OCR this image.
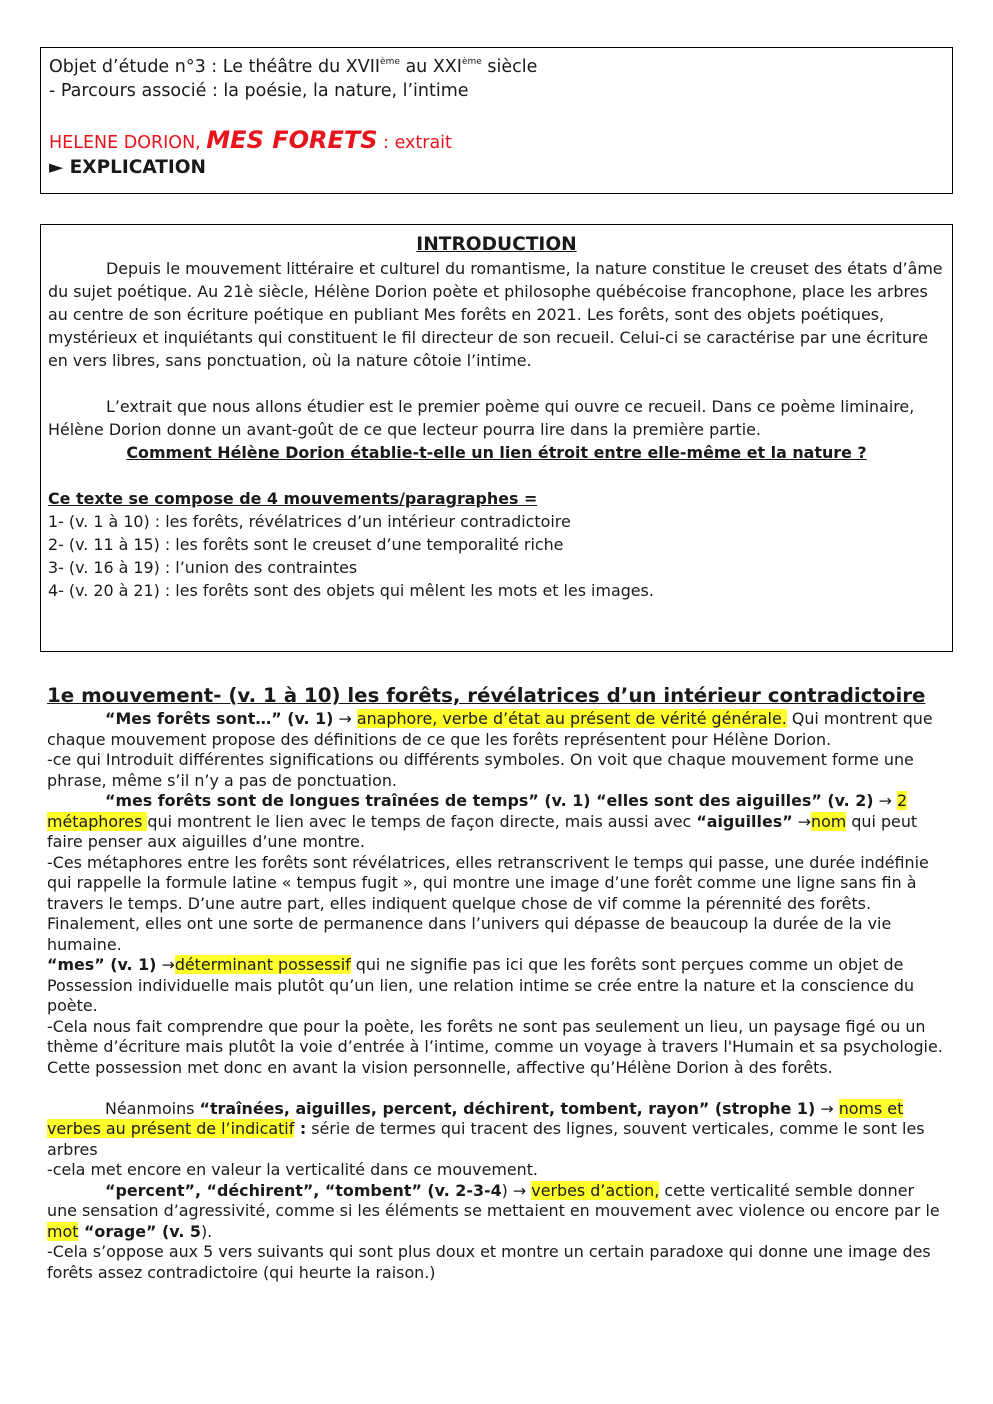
Objet d’étude n°3 : Le théâtre du XVIIème au XXIème siècle

- Parcours associé : la poésie, la nature, l’intime

HELENE DORION, MES FORETS : extrait

► EXPLICATION

INTRODUCTION

Depuis le mouvement littéraire et culturel du romantisme, la nature constitue le creuset des états d’âme du sujet poétique. Au 21è siècle, Hélène Dorion poète et philosophe québécoise francophone, place les arbres au centre de son écriture poétique en publiant Mes forêts en 2021. Les forêts, sont des objets poétiques, mystérieux et inquiétants qui constituent le fil directeur de son recueil. Celui-ci se caractérise par une écriture en vers libres, sans ponctuation, où la nature côtoie l’intime.

L’extrait que nous allons étudier est le premier poème qui ouvre ce recueil. Dans ce poème liminaire, Hélène Dorion donne un avant-goût de ce que lecteur pourra lire dans la première partie.

Comment Hélène Dorion établie-t-elle un lien étroit entre elle-même et la nature ?

Ce texte se compose de 4 mouvements/paragraphes =

1- (v. 1 à 10) : les forêts, révélatrices d’un intérieur contradictoire

2- (v. 11 à 15) : les forêts sont le creuset d’une temporalité riche

3- (v. 16 à 19) : l’union des contraintes

4- (v. 20 à 21) : les forêts sont des objets qui mêlent les mots et les images.

1e mouvement- (v. 1 à 10) les forêts, révélatrices d’un intérieur contradictoire

“Mes forêts sont…” (v. 1) → anaphore, verbe d’état au présent de vérité générale. Qui montrent que chaque mouvement propose des définitions de ce que les forêts représentent pour Hélène Dorion.

-ce qui Introduit différentes significations ou différents symboles. On voit que chaque mouvement forme une phrase, même s’il n’y a pas de ponctuation.

“mes forêts sont de longues traînées de temps” (v. 1) “elles sont des aiguilles” (v. 2) → 2 métaphores qui montrent le lien avec le temps de façon directe, mais aussi avec “aiguilles” →nom qui peut faire penser aux aiguilles d’une montre.

-Ces métaphores entre les forêts sont révélatrices, elles retranscrivent le temps qui passe, une durée indéfinie qui rappelle la formule latine « tempus fugit », qui montre une image d’une forêt comme une ligne sans fin à travers le temps. D’une autre part, elles indiquent quelque chose de vif comme la pérennité des forêts. Finalement, elles ont une sorte de permanence dans l’univers qui dépasse de beaucoup la durée de la vie humaine.

“mes” (v. 1) →déterminant possessif qui ne signifie pas ici que les forêts sont perçues comme un objet de Possession individuelle mais plutôt qu’un lien, une relation intime se crée entre la nature et la conscience du poète.

-Cela nous fait comprendre que pour la poète, les forêts ne sont pas seulement un lieu, un paysage figé ou un thème d’écriture mais plutôt la voie d’entrée à l’intime, comme un voyage à travers l'Humain et sa psychologie. Cette possession met donc en avant la vision personnelle, affective qu’Hélène Dorion à des forêts.

Néanmoins “traînées, aiguilles, percent, déchirent, tombent, rayon” (strophe 1) → noms et verbes au présent de l’indicatif : série de termes qui tracent des lignes, souvent verticales, comme le sont les arbres

-cela met encore en valeur la verticalité dans ce mouvement.

“percent”, “déchirent”, “tombent” (v. 2-3-4) → verbes d’action, cette verticalité semble donner une sensation d’agressivité, comme si les éléments se mettaient en mouvement avec violence ou encore par le mot “orage” (v. 5).

-Cela s’oppose aux 5 vers suivants qui sont plus doux et montre un certain paradoxe qui donne une image des forêts assez contradictoire (qui heurte la raison.)
